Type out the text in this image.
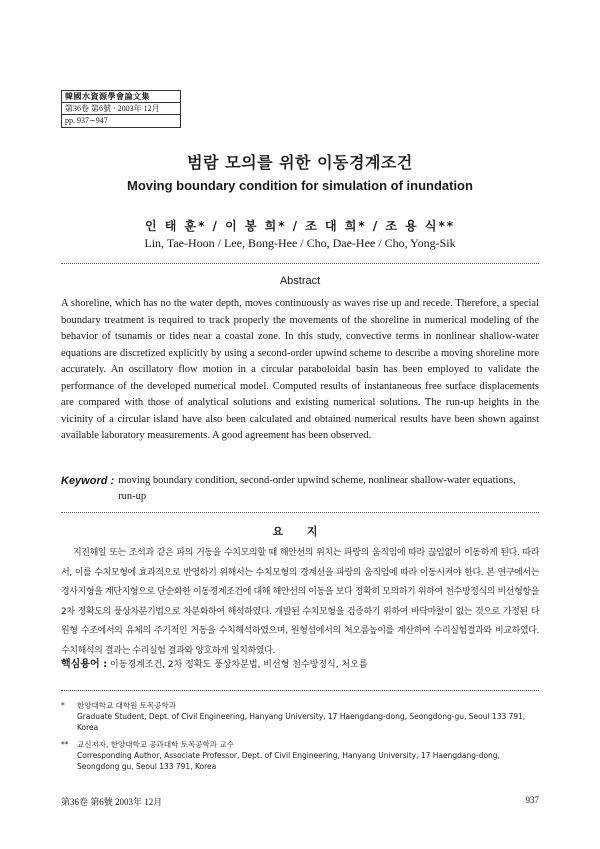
韓國水資源學會論文集
第36卷 第6號 · 2003年 12月
pp. 937∼947
범람 모의를 위한 이동경계조건
Moving boundary condition for simulation of inundation
인 태 훈* / 이 봉 희* / 조 대 희* / 조 용 식**
Lin, Tae-Hoon / Lee, Bong-Hee / Cho, Dae-Hee / Cho, Yong-Sik
Abstract

A shoreline, which has no the water depth, moves continuously as waves rise up and recede. Therefore, a special boundary treatment is required to track properly the movements of the shoreline in numerical modeling of the behavior of tsunamis or tides near a coastal zone. In this study, convective terms in nonlinear shallow-water equations are discretized explicitly by using a second-order upwind scheme to describe a moving shoreline more accurately. An oscillatory flow motion in a circular paraboloidal basin has been employed to validate the performance of the developed numerical model. Computed results of instantaneous free surface displacements are compared with those of analytical solutions and existing numerical solutions. The run-up heights in the vicinity of a circular island have also been calculated and obtained numerical results have been shown against available laboratory measurements. A good agreement has been observed.

Keyword : moving boundary condition, second-order upwind scheme, nonlinear shallow-water equations, run-up
요 지

지진해일 또는 조석과 같은 파의 거동을 수치모의할 때 해안선의 위치는 파랑의 움직임에 따라 끊임없이 이동하게 된다. 따라서, 이를 수치모형에 효과적으로 반영하기 위해서는 수치모형의 경계선을 파랑의 움직임에 따라 이동시켜야 한다. 본 연구에서는 경사지형을 계단지형으로 단순화한 이동경계조건에 대해 해안선의 이동을 보다 정확히 모의하기 위하여 천수방정식의 비선형항을 2차 정확도의 풍상차분기법으로 차분화하여 해석하였다. 개발된 수치모형을 검증하기 위하여 바닥마찰이 없는 것으로 가정된 타원형 수조에서의 유체의 주기적인 거동을 수치해석하였으며, 원형섬에서의 처오름높이를 계산하여 수리실험결과와 비교하였다. 수치해석의 결과는 수리실험 결과와 양호하게 일치하였다.

핵심용어 : 이동경계조건, 2차 정확도 풍상차분법, 비선형 천수방정식, 처오름
* 한양대학교 대학원 토목공학과
Graduate Student, Dept. of Civil Engineering, Hanyang University, 17 Haengdang-dong, Seongdong-gu, Seoul 133 791, Korea
** 교신저자, 한양대학교 공과대학 토목공학과 교수
Corresponding Author, Associate Professor, Dept. of Civil Engineering, Hanyang University, 17 Haengdang-dong, Seongdong gu, Seoul 133 791, Korea
第36卷 第6號 2003年 12月	937
